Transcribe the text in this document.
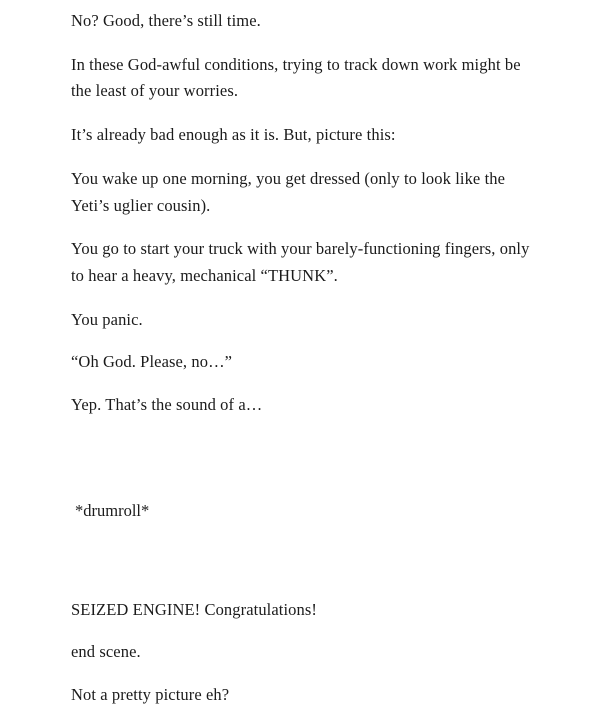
No? Good, there’s still time.

In these God-awful conditions, trying to track down work might be the least of your worries.

It’s already bad enough as it is. But, picture this:

You wake up one morning, you get dressed (only to look like the Yeti’s uglier cousin).

You go to start your truck with your barely-functioning fingers, only to hear a heavy, mechanical “THUNK”.

You panic.

“Oh God. Please, no…”

Yep. That’s the sound of a…

*drumroll*

SEIZED ENGINE! Congratulations!

end scene.

Not a pretty picture eh?
